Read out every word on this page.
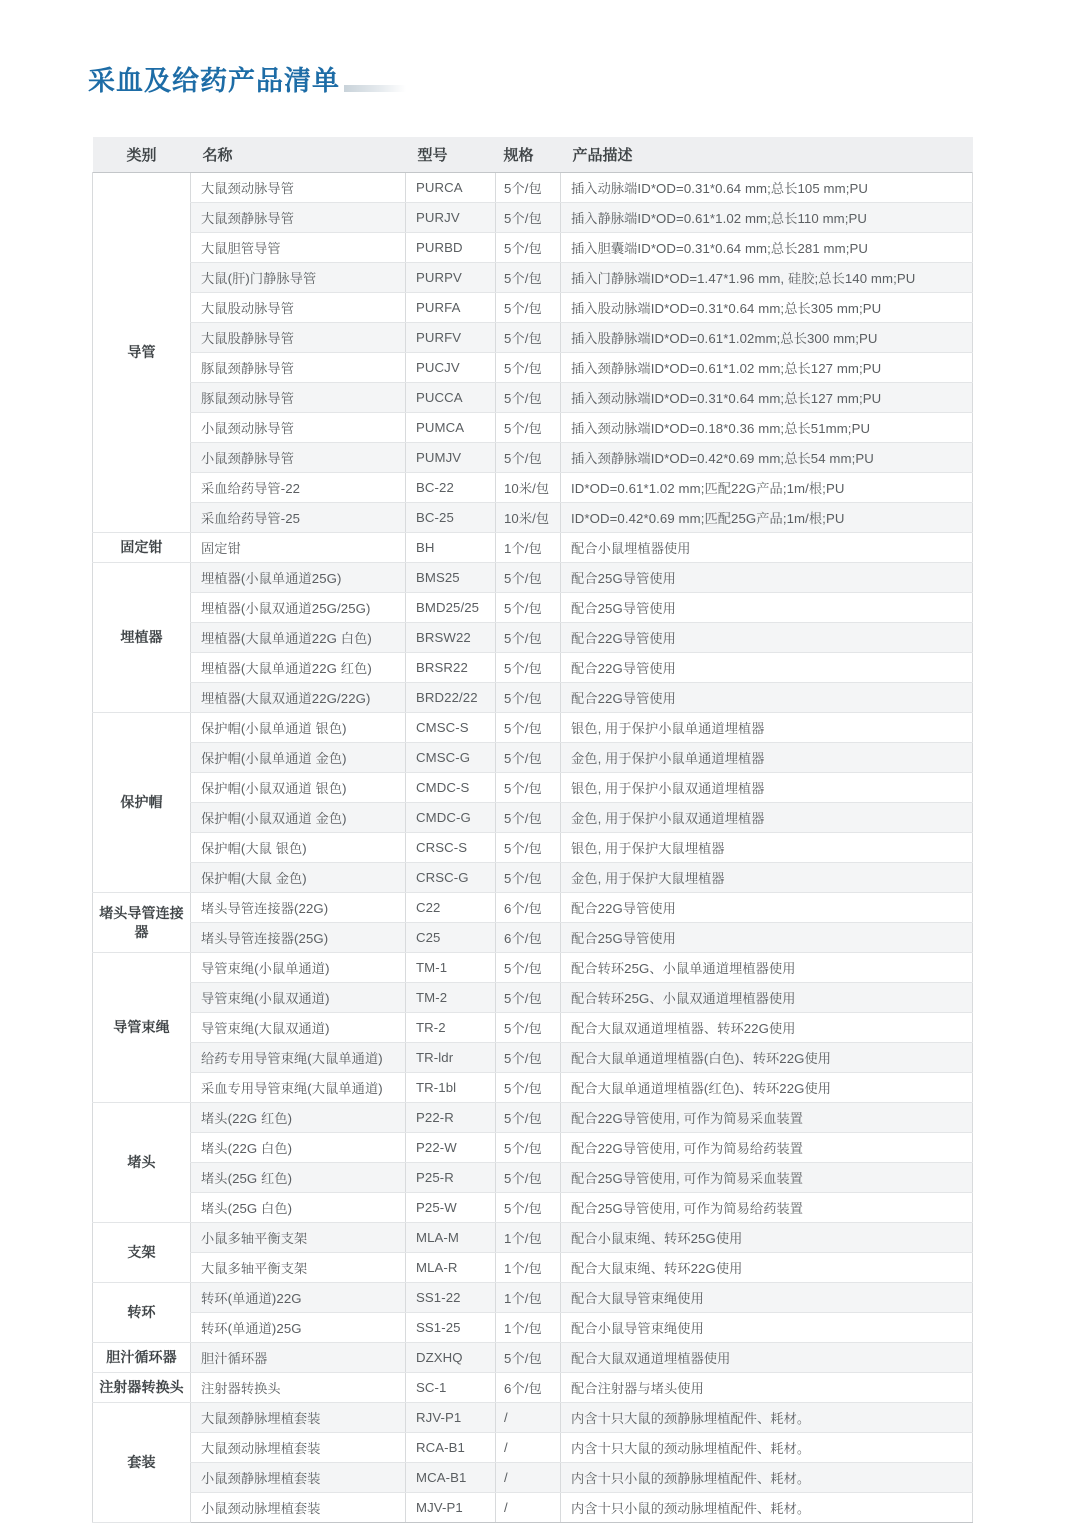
采血及给药产品清单
类别	名称	型号	规格	产品描述
导管	大鼠颈动脉导管	PURCA	5个/包	插入动脉端ID*OD=0.31*0.64 mm;总长105 mm;PU
	大鼠颈静脉导管	PURJV	5个/包	插入静脉端ID*OD=0.61*1.02 mm;总长110 mm;PU
	大鼠胆管导管	PURBD	5个/包	插入胆囊端ID*OD=0.31*0.64 mm;总长281 mm;PU
	大鼠(肝)门静脉导管	PURPV	5个/包	插入门静脉端ID*OD=1.47*1.96 mm, 硅胶;总长140 mm;PU
	大鼠股动脉导管	PURFA	5个/包	插入股动脉端ID*OD=0.31*0.64 mm;总长305 mm;PU
	大鼠股静脉导管	PURFV	5个/包	插入股静脉端ID*OD=0.61*1.02mm;总长300 mm;PU
	豚鼠颈静脉导管	PUCJV	5个/包	插入颈静脉端ID*OD=0.61*1.02 mm;总长127 mm;PU
	豚鼠颈动脉导管	PUCCA	5个/包	插入颈动脉端ID*OD=0.31*0.64 mm;总长127 mm;PU
	小鼠颈动脉导管	PUMCA	5个/包	插入颈动脉端ID*OD=0.18*0.36 mm;总长51mm;PU
	小鼠颈静脉导管	PUMJV	5个/包	插入颈静脉端ID*OD=0.42*0.69 mm;总长54 mm;PU
	采血给药导管-22	BC-22	10米/包	ID*OD=0.61*1.02 mm;匹配22G产品;1m/根;PU
	采血给药导管-25	BC-25	10米/包	ID*OD=0.42*0.69 mm;匹配25G产品;1m/根;PU
固定钳	固定钳	BH	1个/包	配合小鼠埋植器使用
埋植器	埋植器(小鼠单通道25G)	BMS25	5个/包	配合25G导管使用
	埋植器(小鼠双通道25G/25G)	BMD25/25	5个/包	配合25G导管使用
	埋植器(大鼠单通道22G 白色)	BRSW22	5个/包	配合22G导管使用
	埋植器(大鼠单通道22G 红色)	BRSR22	5个/包	配合22G导管使用
	埋植器(大鼠双通道22G/22G)	BRD22/22	5个/包	配合22G导管使用
保护帽	保护帽(小鼠单通道 银色)	CMSC-S	5个/包	银色, 用于保护小鼠单通道埋植器
	保护帽(小鼠单通道 金色)	CMSC-G	5个/包	金色, 用于保护小鼠单通道埋植器
	保护帽(小鼠双通道 银色)	CMDC-S	5个/包	银色, 用于保护小鼠双通道埋植器
	保护帽(小鼠双通道 金色)	CMDC-G	5个/包	金色, 用于保护小鼠双通道埋植器
	保护帽(大鼠 银色)	CRSC-S	5个/包	银色, 用于保护大鼠埋植器
	保护帽(大鼠 金色)	CRSC-G	5个/包	金色, 用于保护大鼠埋植器
堵头导管连接器	堵头导管连接器(22G)	C22	6个/包	配合22G导管使用
	堵头导管连接器(25G)	C25	6个/包	配合25G导管使用
导管束绳	导管束绳(小鼠单通道)	TM-1	5个/包	配合转环25G、小鼠单通道埋植器使用
	导管束绳(小鼠双通道)	TM-2	5个/包	配合转环25G、小鼠双通道埋植器使用
	导管束绳(大鼠双通道)	TR-2	5个/包	配合大鼠双通道埋植器、转环22G使用
	给药专用导管束绳(大鼠单通道)	TR-ldr	5个/包	配合大鼠单通道埋植器(白色)、转环22G使用
	采血专用导管束绳(大鼠单通道)	TR-1bl	5个/包	配合大鼠单通道埋植器(红色)、转环22G使用
堵头	堵头(22G 红色)	P22-R	5个/包	配合22G导管使用, 可作为简易采血装置
	堵头(22G 白色)	P22-W	5个/包	配合22G导管使用, 可作为简易给药装置
	堵头(25G 红色)	P25-R	5个/包	配合25G导管使用, 可作为简易采血装置
	堵头(25G 白色)	P25-W	5个/包	配合25G导管使用, 可作为简易给药装置
支架	小鼠多轴平衡支架	MLA-M	1个/包	配合小鼠束绳、转环25G使用
	大鼠多轴平衡支架	MLA-R	1个/包	配合大鼠束绳、转环22G使用
转环	转环(单通道)22G	SS1-22	1个/包	配合大鼠导管束绳使用
	转环(单通道)25G	SS1-25	1个/包	配合小鼠导管束绳使用
胆汁循环器	胆汁循环器	DZXHQ	5个/包	配合大鼠双通道埋植器使用
注射器转换头	注射器转换头	SC-1	6个/包	配合注射器与堵头使用
套装	大鼠颈静脉埋植套装	RJV-P1	/	内含十只大鼠的颈静脉埋植配件、耗材。
	大鼠颈动脉埋植套装	RCA-B1	/	内含十只大鼠的颈动脉埋植配件、耗材。
	小鼠颈静脉埋植套装	MCA-B1	/	内含十只小鼠的颈静脉埋植配件、耗材。
	小鼠颈动脉埋植套装	MJV-P1	/	内含十只小鼠的颈动脉埋植配件、耗材。
